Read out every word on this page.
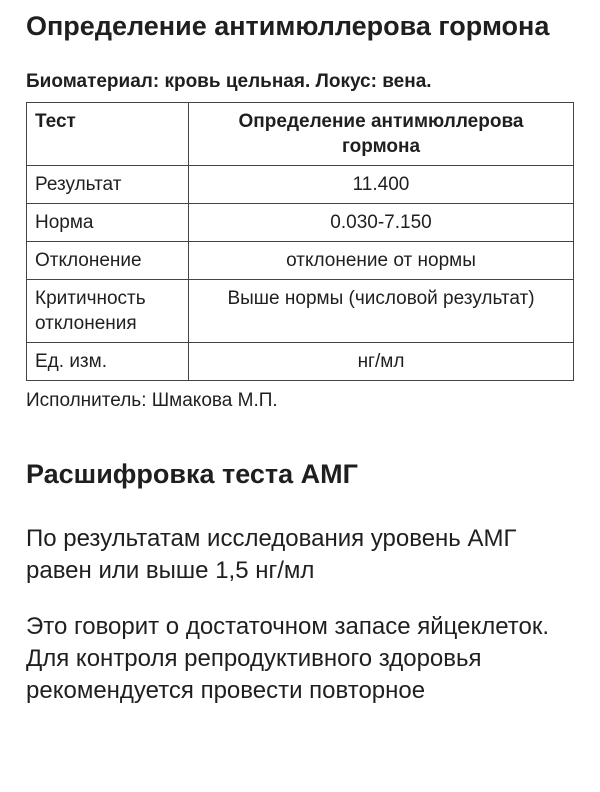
Определение антимюллерова гормона
Биоматериал: кровь цельная. Локус: вена.
Тест	Определение антимюллерова гормона
Результат	11.400
Норма	0.030-7.150
Отклонение	отклонение от нормы
Критичность отклонения	Выше нормы (числовой результат)
Ед. изм.	нг/мл
Исполнитель: Шмакова М.П.
Расшифровка теста АМГ

По результатам исследования уровень АМГ равен или выше 1,5 нг/мл

Это говорит о достаточном запасе яйцеклеток. Для контроля репродуктивного здоровья рекомендуется провести повторное
